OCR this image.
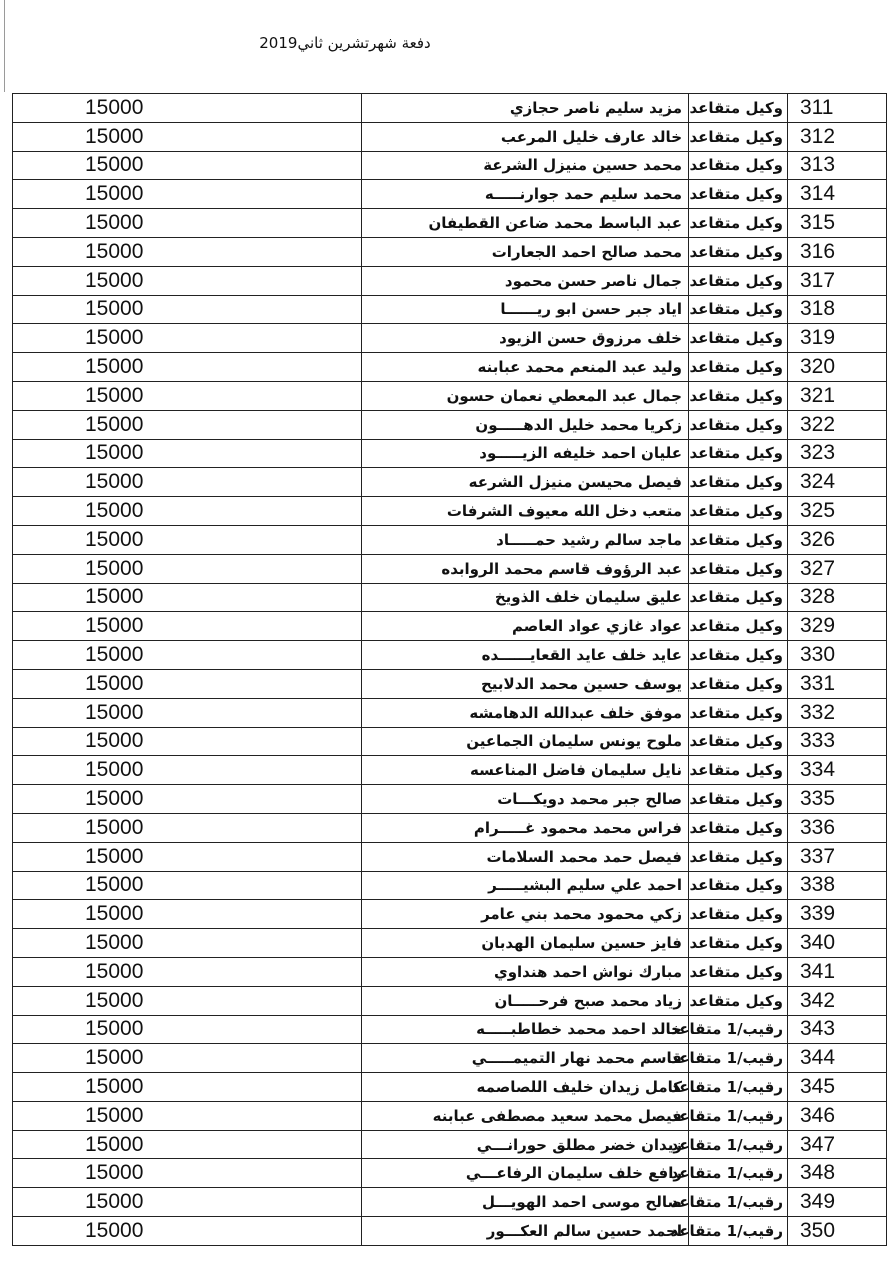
دفعة شهرتشرين ثاني2019
311	وكيل متقاعد	مزيد سليم ناصر حجازي	15000
312	وكيل متقاعد	خالد عارف خليل المرعب	15000
313	وكيل متقاعد	محمد حسين منيزل الشرعة	15000
314	وكيل متقاعد	محمد سليم حمد جوارنـــــه	15000
315	وكيل متقاعد	عبد الباسط محمد ضاعن القطيفان	15000
316	وكيل متقاعد	محمد صالح احمد الجعارات	15000
317	وكيل متقاعد	جمال ناصر حسن محمود	15000
318	وكيل متقاعد	اياد جبر حسن ابو ريــــــا	15000
319	وكيل متقاعد	خلف مرزوق حسن الزيود	15000
320	وكيل متقاعد	وليد عبد المنعم محمد عبابنه	15000
321	وكيل متقاعد	جمال عبد المعطي نعمان حسون	15000
322	وكيل متقاعد	زكريا محمد خليل الدهـــــون	15000
323	وكيل متقاعد	عليان احمد خليفه الزيـــــود	15000
324	وكيل متقاعد	فيصل محيسن منيزل الشرعه	15000
325	وكيل متقاعد	متعب دخل الله معيوف الشرفات	15000
326	وكيل متقاعد	ماجد سالم رشيد حمـــــاد	15000
327	وكيل متقاعد	عبد الرؤوف قاسم محمد الروابده	15000
328	وكيل متقاعد	عليق سليمان خلف الذويخ	15000
329	وكيل متقاعد	عواد غازي عواد العاصم	15000
330	وكيل متقاعد	عايد خلف عايد القعايــــــده	15000
331	وكيل متقاعد	يوسف حسين محمد الدلابيح	15000
332	وكيل متقاعد	موفق خلف عبدالله الدهامشه	15000
333	وكيل متقاعد	ملوح يونس سليمان الجماعين	15000
334	وكيل متقاعد	نايل سليمان فاضل المناعسه	15000
335	وكيل متقاعد	صالح جبر محمد دويكـــات	15000
336	وكيل متقاعد	فراس محمد محمود غـــــرام	15000
337	وكيل متقاعد	فيصل حمد محمد السلامات	15000
338	وكيل متقاعد	احمد علي سليم البشيـــــر	15000
339	وكيل متقاعد	زكي محمود محمد بني عامر	15000
340	وكيل متقاعد	فايز حسين سليمان الهدبان	15000
341	وكيل متقاعد	مبارك نواش احمد هنداوي	15000
342	وكيل متقاعد	زياد محمد صبح فرحـــــان	15000
343	رقيب/1 متقاعد	خالد احمد محمد خطاطبـــــه	15000
344	رقيب/1 متقاعد	قاسم محمد نهار التميمـــــي	15000
345	رقيب/1 متقاعد	كامل زيدان خليف اللصاصمه	15000
346	رقيب/1 متقاعد	فيصل محمد سعيد مصطفى عبابنه	15000
347	رقيب/1 متقاعد	زيدان خضر مطلق حورانـــي	15000
348	رقيب/1 متقاعد	رافع خلف سليمان الرفاعـــي	15000
349	رقيب/1 متقاعد	صالح موسى احمد الهويـــل	15000
350	رقيب/1 متقاعد	احمد حسين سالم العكـــور	15000
